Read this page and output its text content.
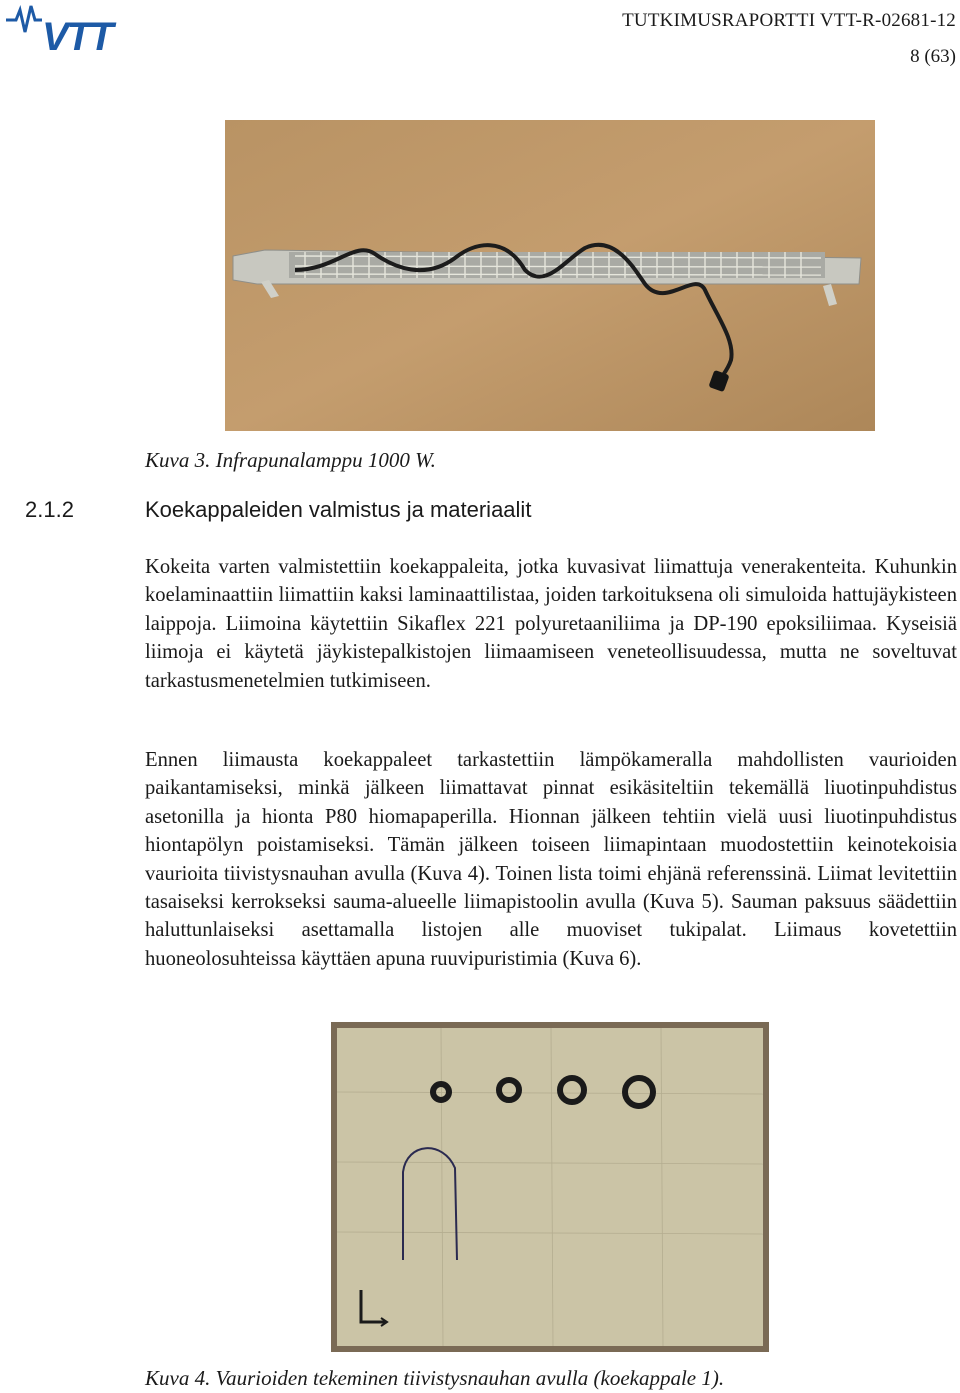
VTT	TUTKIMUSRAPORTTI VTT-R-02681-12
8 (63)
Kuva 3. Infrapunalamppu 1000 W.
2.1.2	Koekappaleiden valmistus ja materiaalit

Kokeita varten valmistettiin koekappaleita, jotka kuvasivat liimattuja venerakenteita. Kuhunkin koelaminaattiin liimattiin kaksi laminaattilistaa, joiden tarkoituksena oli simuloida hattujäykisteen laippoja. Liimoina käytettiin Sikaflex 221 polyuretaaniliima ja DP-190 epoksiliimaa. Kyseisiä liimoja ei käytetä jäykistepalkistojen liimaamiseen veneteollisuudessa, mutta ne soveltuvat tarkastusmenetelmien tutkimiseen.

Ennen liimausta koekappaleet tarkastettiin lämpökameralla mahdollisten vaurioiden paikantamiseksi, minkä jälkeen liimattavat pinnat esikäsiteltiin tekemällä liuotinpuhdistus asetonilla ja hionta P80 hiomapaperilla. Hionnan jälkeen tehtiin vielä uusi liuotinpuhdistus hiontapölyn poistamiseksi. Tämän jälkeen toiseen liimapintaan muodostettiin keinotekoisia vaurioita tiivistysnauhan avulla (Kuva 4). Toinen lista toimi ehjänä referenssinä. Liimat levitettiin tasaiseksi kerrokseksi sauma-alueelle liimapistoolin avulla (Kuva 5). Sauman paksuus säädettiin haluttunlaiseksi asettamalla listojen alle muoviset tukipalat. Liimaus kovetettiin huoneolosuhteissa käyttäen apuna ruuvipuristimia (Kuva 6).

Kuva 4. Vaurioiden tekeminen tiivistysnauhan avulla (koekappale 1).
